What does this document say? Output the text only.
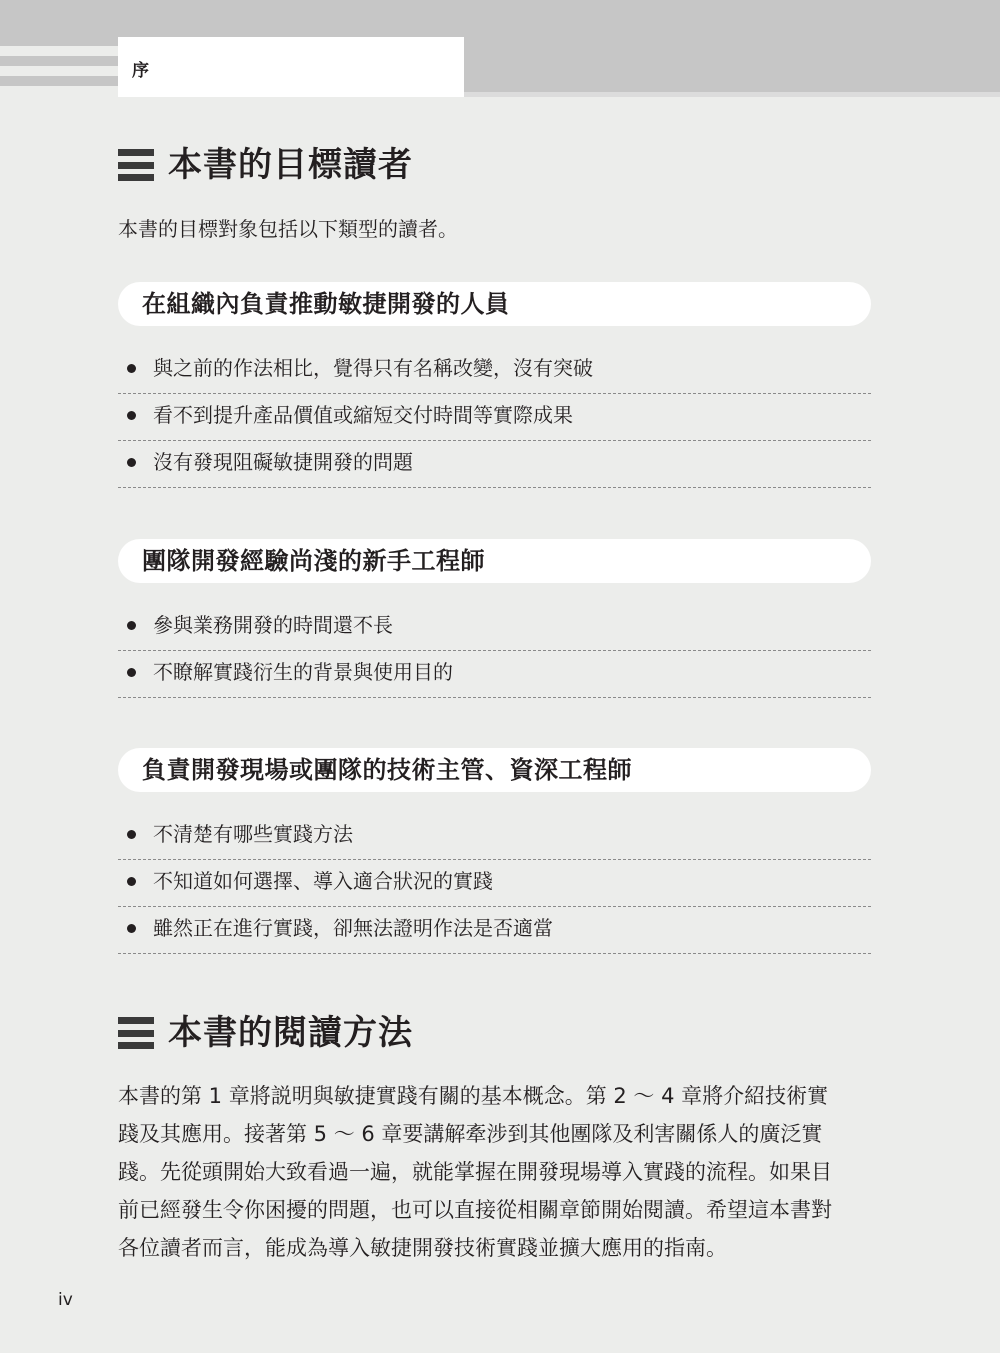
序
本書的目標讀者
本書的目標對象包括以下類型的讀者。
在組織內負責推動敏捷開發的人員
與之前的作法相比，覺得只有名稱改變，沒有突破
看不到提升產品價值或縮短交付時間等實際成果
沒有發現阻礙敏捷開發的問題
團隊開發經驗尚淺的新手工程師
參與業務開發的時間還不長
不瞭解實踐衍生的背景與使用目的
負責開發現場或團隊的技術主管、資深工程師
不清楚有哪些實踐方法
不知道如何選擇、導入適合狀況的實踐
雖然正在進行實踐，卻無法證明作法是否適當
本書的閱讀方法
本書的第 1 章將説明與敏捷實踐有關的基本概念。第 2 ～ 4 章將介紹技術實
踐及其應用。接著第 5 ～ 6 章要講解牽涉到其他團隊及利害關係人的廣泛實
踐。先從頭開始大致看過一遍，就能掌握在開發現場導入實踐的流程。如果目
前已經發生令你困擾的問題，也可以直接從相關章節開始閱讀。希望這本書對
各位讀者而言，能成為導入敏捷開發技術實踐並擴大應用的指南。
iv
